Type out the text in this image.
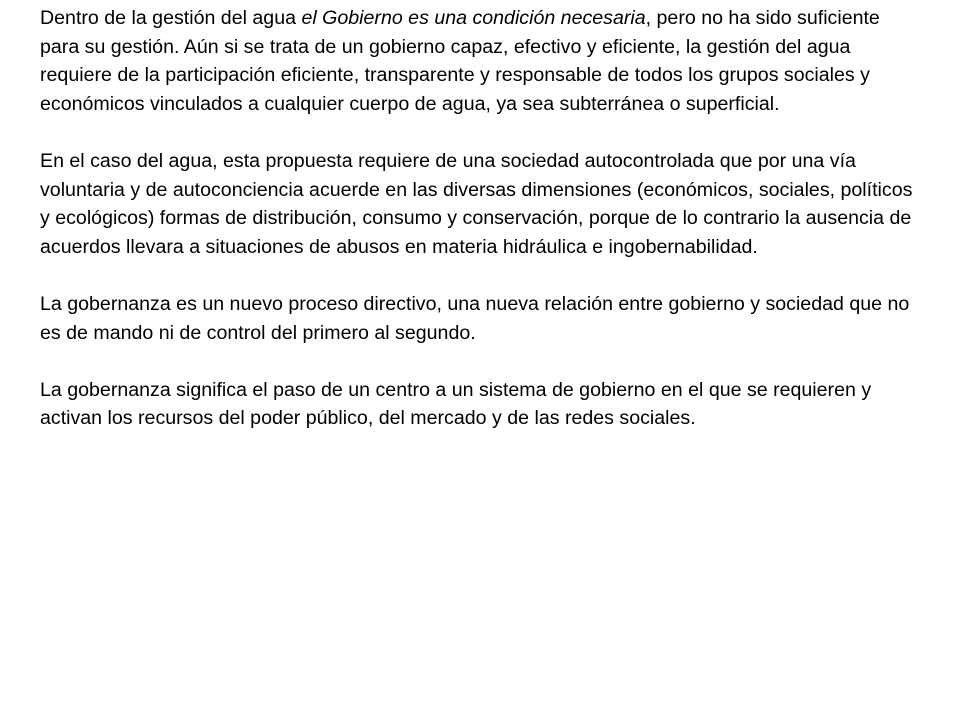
Dentro de la gestión del agua el Gobierno es una condición necesaria, pero no ha sido suficiente para su gestión. Aún si se trata de un gobierno capaz, efectivo y eficiente, la gestión del agua requiere de la participación eficiente, transparente y responsable de todos los grupos sociales y económicos vinculados a cualquier cuerpo de agua, ya sea subterránea o superficial.

En el caso del agua, esta propuesta requiere de una sociedad autocontrolada que por una vía voluntaria y de autoconciencia acuerde en las diversas dimensiones (económicos, sociales, políticos y ecológicos) formas de distribución, consumo y conservación, porque de lo contrario la ausencia de acuerdos llevara a situaciones de abusos en materia hidráulica e ingobernabilidad.

La gobernanza es un nuevo proceso directivo, una nueva relación entre gobierno y sociedad que no es de mando ni de control del primero al segundo.

La gobernanza significa el paso de un centro a un sistema de gobierno en el que se requieren y activan los recursos del poder público, del mercado y de las redes sociales.
